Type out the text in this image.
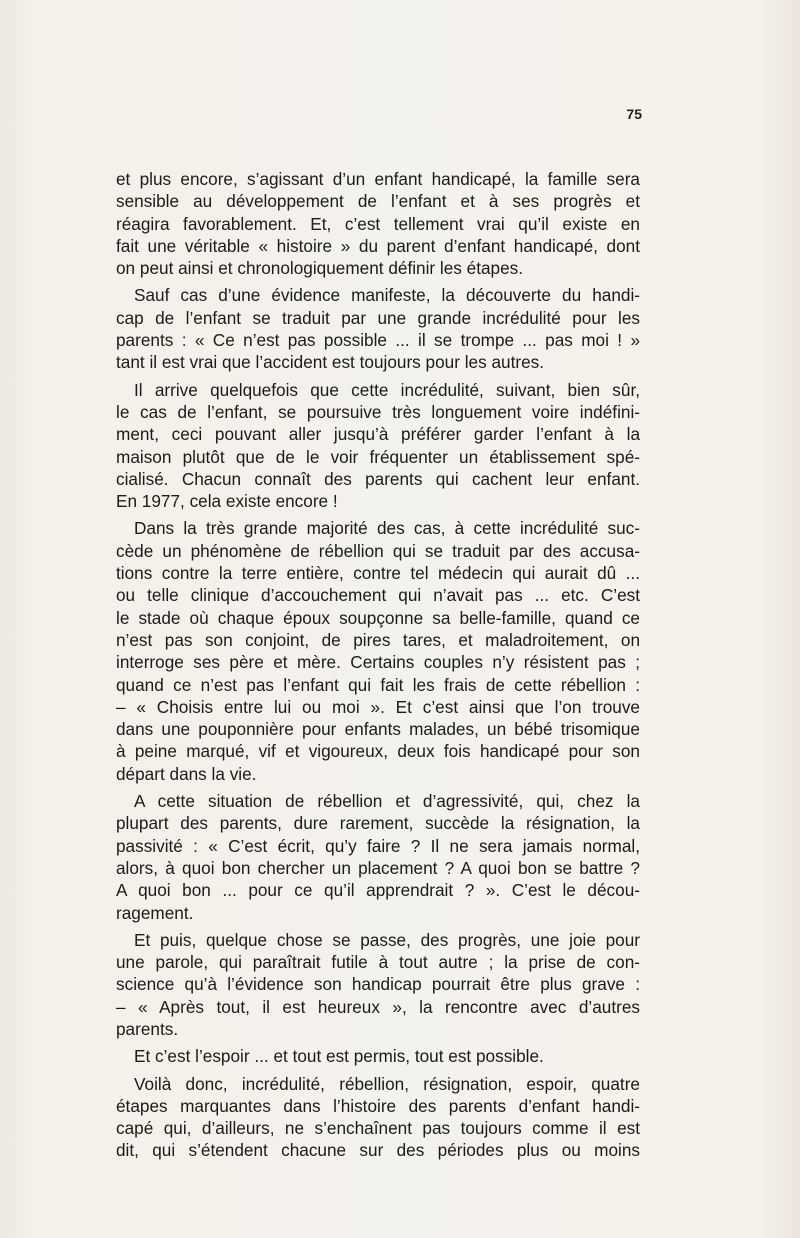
75
et plus encore, s’agissant d’un enfant handicapé, la famille sera
sensible au développement de l’enfant et à ses progrès et
réagira favorablement. Et, c’est tellement vrai qu’il existe en
fait une véritable « histoire » du parent d’enfant handicapé, dont
on peut ainsi et chronologiquement définir les étapes.
Sauf cas d’une évidence manifeste, la découverte du handi-
cap de l’enfant se traduit par une grande incrédulité pour les
parents : « Ce n’est pas possible ... il se trompe ... pas moi ! »
tant il est vrai que l’accident est toujours pour les autres.
Il arrive quelquefois que cette incrédulité, suivant, bien sûr,
le cas de l’enfant, se poursuive très longuement voire indéfini-
ment, ceci pouvant aller jusqu’à préférer garder l’enfant à la
maison plutôt que de le voir fréquenter un établissement spé-
cialisé. Chacun connaît des parents qui cachent leur enfant.
En 1977, cela existe encore !
Dans la très grande majorité des cas, à cette incrédulité suc-
cède un phénomène de rébellion qui se traduit par des accusa-
tions contre la terre entière, contre tel médecin qui aurait dû ...
ou telle clinique d’accouchement qui n’avait pas ... etc. C’est
le stade où chaque époux soupçonne sa belle-famille, quand ce
n’est pas son conjoint, de pires tares, et maladroitement, on
interroge ses père et mère. Certains couples n’y résistent pas ;
quand ce n’est pas l’enfant qui fait les frais de cette rébellion :
– « Choisis entre lui ou moi ». Et c’est ainsi que l’on trouve
dans une pouponnière pour enfants malades, un bébé trisomique
à peine marqué, vif et vigoureux, deux fois handicapé pour son
départ dans la vie.
A cette situation de rébellion et d’agressivité, qui, chez la
plupart des parents, dure rarement, succède la résignation, la
passivité : « C’est écrit, qu’y faire ? Il ne sera jamais normal,
alors, à quoi bon chercher un placement ? A quoi bon se battre ?
A quoi bon ... pour ce qu’il apprendrait ? ». C’est le décou-
ragement.
Et puis, quelque chose se passe, des progrès, une joie pour
une parole, qui paraîtrait futile à tout autre ; la prise de con-
science qu’à l’évidence son handicap pourrait être plus grave :
– « Après tout, il est heureux », la rencontre avec d’autres
parents.
Et c’est l’espoir ... et tout est permis, tout est possible.
Voilà donc, incrédulité, rébellion, résignation, espoir, quatre
étapes marquantes dans l’histoire des parents d’enfant handi-
capé qui, d’ailleurs, ne s’enchaînent pas toujours comme il est
dit, qui s’étendent chacune sur des périodes plus ou moins
